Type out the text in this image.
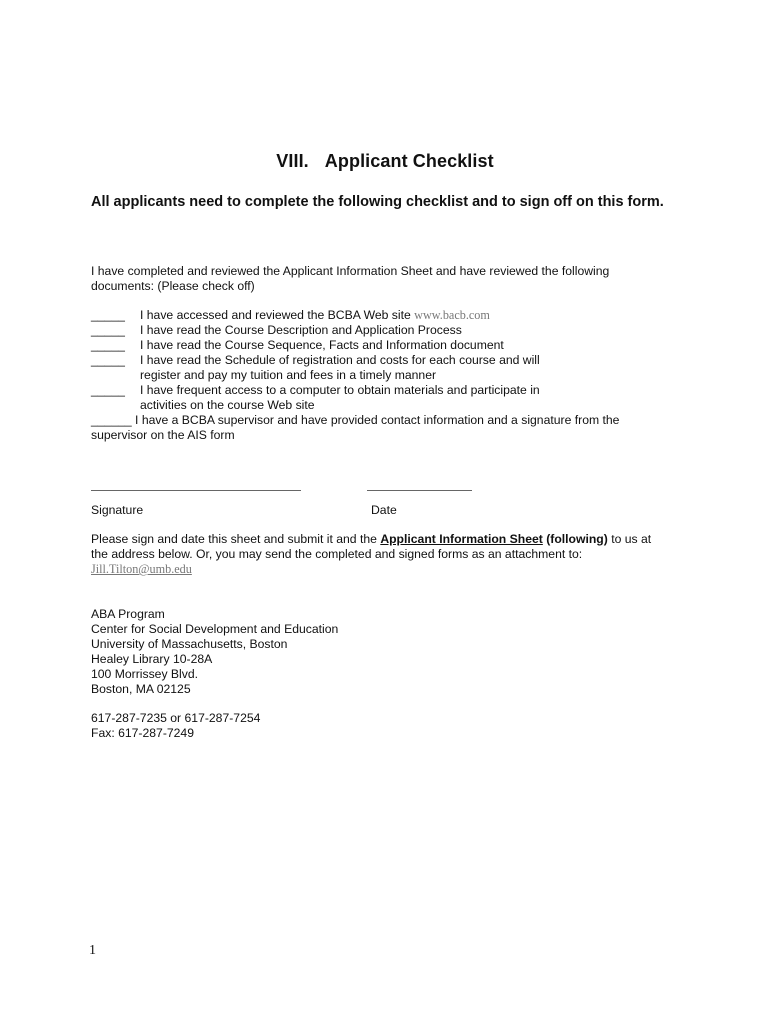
VIII. Applicant Checklist
All applicants need to complete the following checklist and to sign off on this form.
I have completed and reviewed the Applicant Information Sheet and have reviewed the following
documents: (Please check off)
_____	I have accessed and reviewed the BCBA Web site www.bacb.com
_____	I have read the Course Description and Application Process
_____	I have read the Course Sequence, Facts and Information document
_____	I have read the Schedule of registration and costs for each course and will
register and pay my tuition and fees in a timely manner
_____	I have frequent access to a computer to obtain materials and participate in
activities on the course Web site
______ I have a BCBA supervisor and have provided contact information and a signature from the
supervisor on the AIS form
Signature	Date
Please sign and date this sheet and submit it and the Applicant Information Sheet (following) to us at
the address below. Or, you may send the completed and signed forms as an attachment to:
Jill.Tilton@umb.edu
ABA Program
Center for Social Development and Education
University of Massachusetts, Boston
Healey Library 10-28A
100 Morrissey Blvd.
Boston, MA 02125
617-287-7235 or 617-287-7254
Fax: 617-287-7249
1
